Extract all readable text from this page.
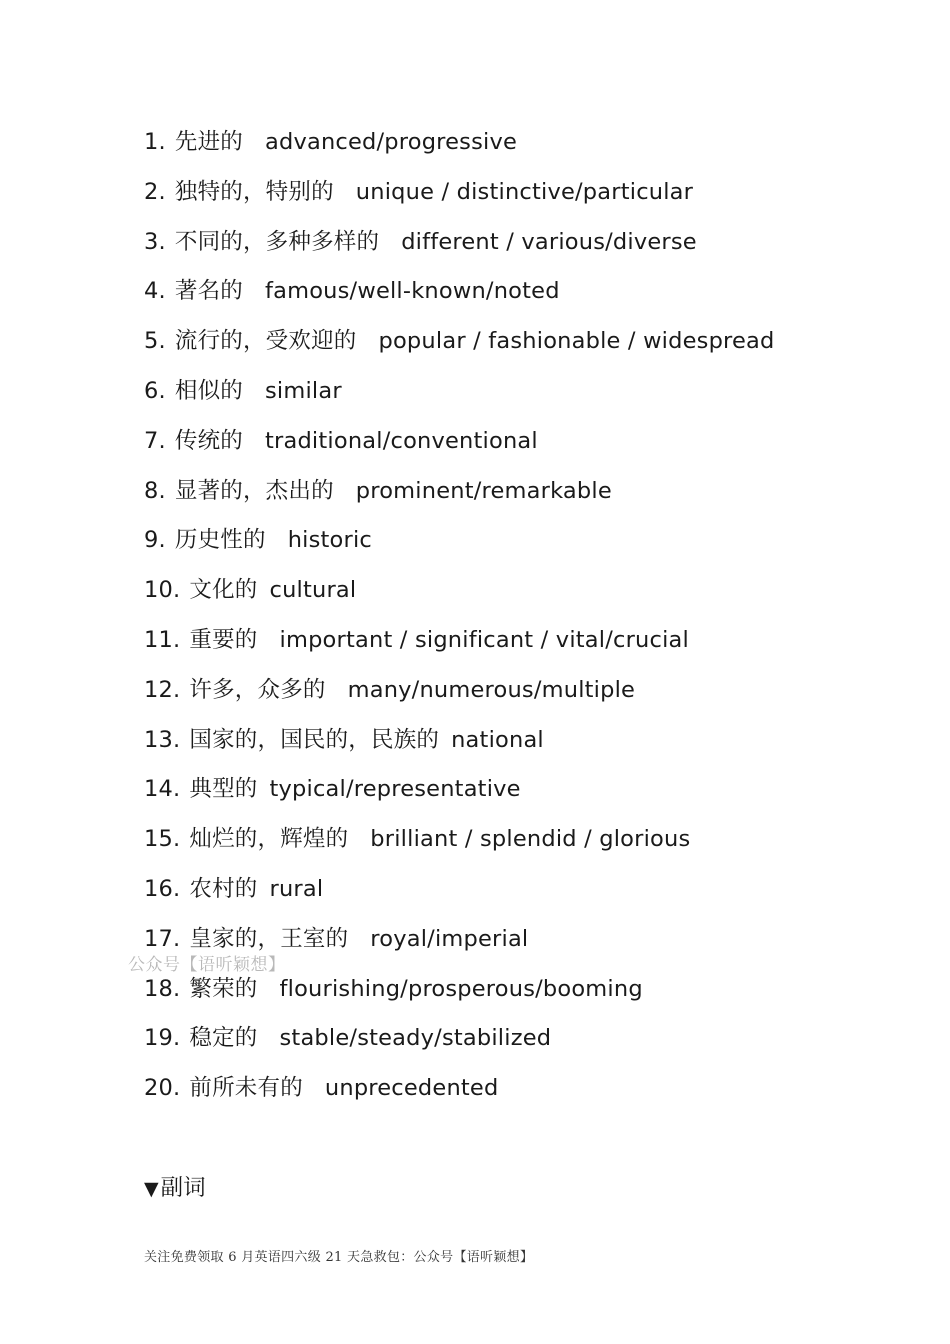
1. 先进的 advanced/progressive
2. 独特的，特别的 unique / distinctive/particular
3. 不同的，多种多样的 different / various/diverse
4. 著名的 famous/well-known/noted
5. 流行的，受欢迎的 popular / fashionable / widespread
6. 相似的 similar
7. 传统的 traditional/conventional
8. 显著的，杰出的 prominent/remarkable
9. 历史性的 historic
10. 文化的 cultural
11. 重要的 important / significant / vital/crucial
12. 许多，众多的 many/numerous/multiple
13. 国家的，国民的，民族的 national
14. 典型的 typical/representative
15. 灿烂的，辉煌的 brilliant / splendid / glorious
16. 农村的 rural
17. 皇家的，王室的 royal/imperial
18. 繁荣的 flourishing/prosperous/booming
19. 稳定的 stable/steady/stabilized
20. 前所未有的 unprecedented
公众号【语听颖想】
▼副词
关注免费领取 6 月英语四六级 21 天急救包：公众号【语听颖想】
